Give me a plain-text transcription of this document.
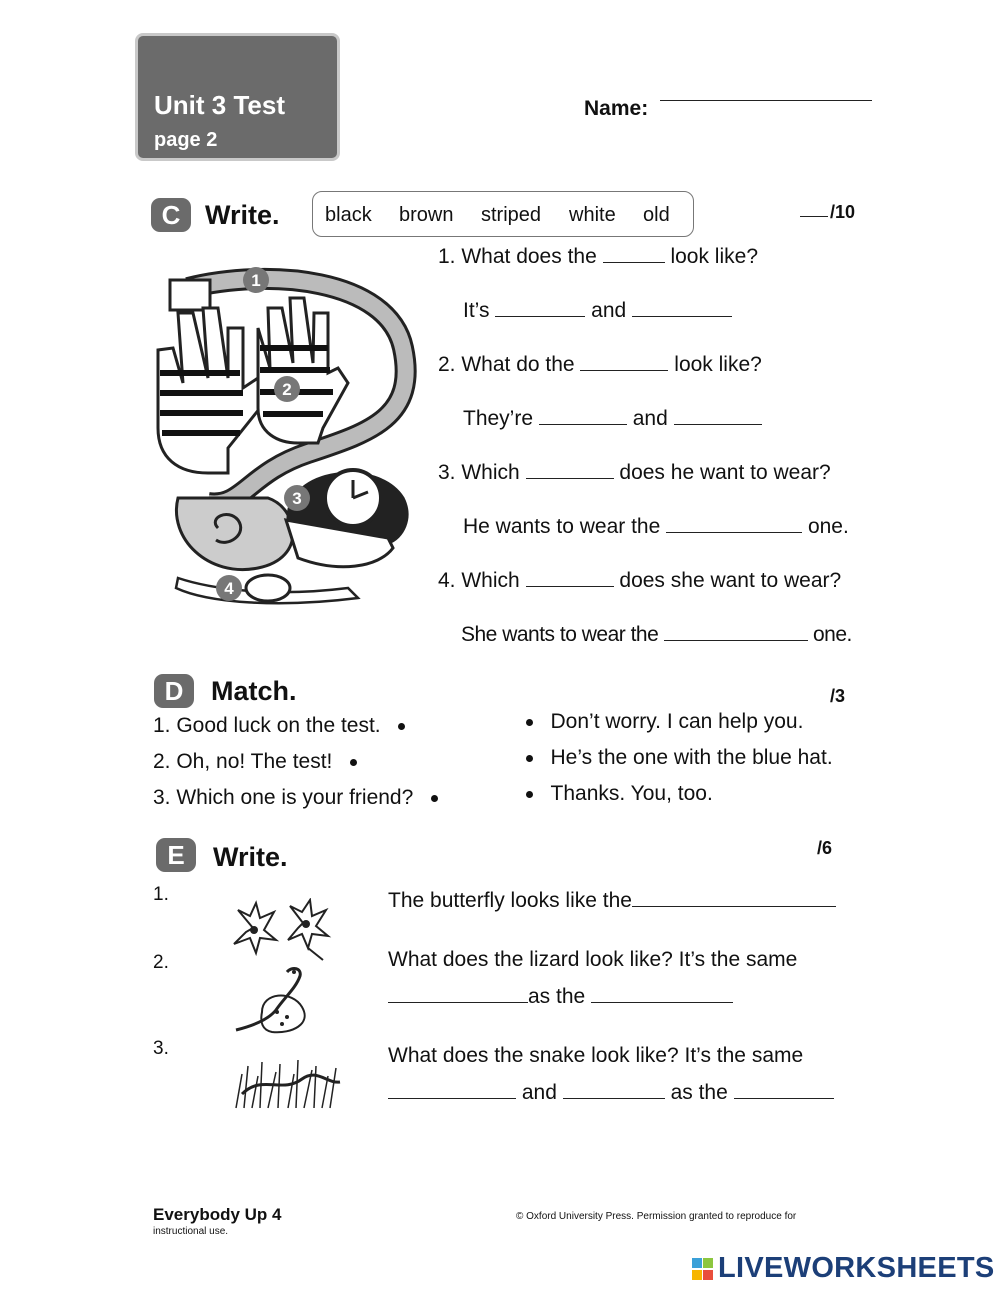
Unit 3 Test
page 2
Name:
C Write. black brown striped white old	/10
1
2
3
4
1. What does the	look like?
It’s	and
2. What do the	look like?
They’re	and
3. Which	does he want to wear?
He wants to wear the	one.
4. Which	does she want to wear?
She wants to wear the	one.
D	Match.	/3
1. Good luck on the test.
2. Oh, no! The test!
3. Which one is your friend?
Don’t worry. I can help you.
He’s the one with the blue hat.
Thanks. You, too.
E	Write.	/6
1.
2.
3.
The butterfly looks like the
What does the lizard look like? It’s the same
as the
What does the snake look like? It’s the same
and	as the
Everybody Up 4
instructional use.
© Oxford University Press. Permission granted to reproduce for
LIVEWORKSHEETS
